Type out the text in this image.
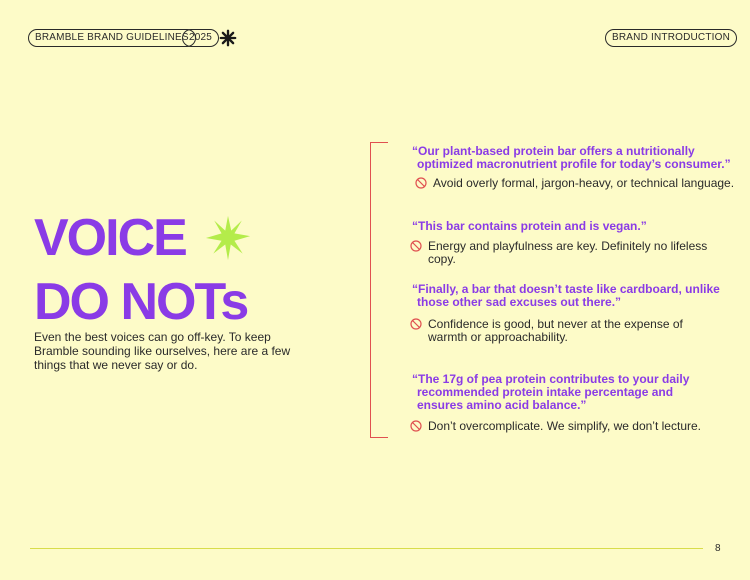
BRAMBLE BRAND GUIDELINES 2025	BRAND INTRODUCTION
VOICE
DO NOTs
Even the best voices can go off-key. To keep Bramble sounding like ourselves, here are a few things that we never say or do.
“Our plant-based protein bar offers a nutritionally optimized macronutrient profile for today’s consumer.”
Avoid overly formal, jargon-heavy, or technical language.
“This bar contains protein and is vegan.”
Energy and playfulness are key. Definitely no lifeless copy.
“Finally, a bar that doesn’t taste like cardboard, unlike those other sad excuses out there.”
Confidence is good, but never at the expense of warmth or approachability.
“The 17g of pea protein contributes to your daily recommended protein intake percentage and ensures amino acid balance.”
Don’t overcomplicate. We simplify, we don’t lecture.
8
